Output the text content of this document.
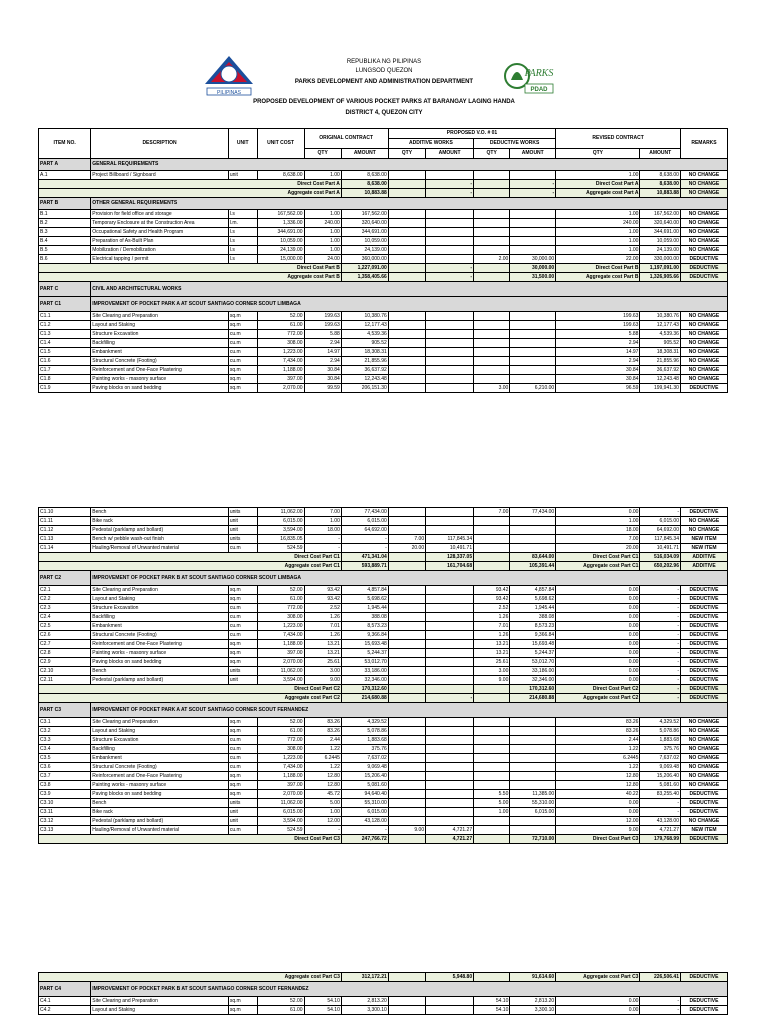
PILIPINAS
PARKS
PDAD
REPUBLIKA NG PILIPINAS
LUNGSOD QUEZON
PARKS DEVELOPMENT AND ADMINISTRATION DEPARTMENT
PROPOSED DEVELOPMENT OF VARIOUS POCKET PARKS AT BARANGAY LAGING HANDA
DISTRICT 4, QUEZON CITY
ITEM NO.	DESCRIPTION	UNIT	UNIT COST	ORIGINAL CONTRACT		PROPOSED V.O. # 01				REVISED CONTRACT		REMARKS
						ADDITIVE WORKS		DEDUCTIVE WORKS				
				QTY	AMOUNT	QTY	AMOUNT	QTY	AMOUNT	QTY	AMOUNT	
PART A	GENERAL REQUIREMENTS											
A.1	Project Billboard / Signboard	unit	8,638.00	1.00	8,638.00					1.00	8,638.00	NO CHANGE
Direct Cost Part A					8,638.00		-		-	Direct Cost Part A	8,638.00	NO CHANGE
Aggregate cost Part A					10,883.88		-		-	Aggregate cost Part A	10,883.88	NO CHANGE
PART B	OTHER GENERAL REQUIREMENTS											
B.1	Provision for field office and storage	l.s	167,562.00	1.00	167,562.00					1.00	167,562.00	NO CHANGE
B.2	Temporary Enclosure at the Construction Area	l.m.	1,336.00	240.00	320,640.00					240.00	320,640.00	NO CHANGE
B.3	Occupational Safety and Health Program	l.s	344,691.00	1.00	344,691.00					1.00	344,691.00	NO CHANGE
B.4	Preparation of As-Built Plan	l.s	10,059.00	1.00	10,059.00					1.00	10,059.00	NO CHANGE
B.5	Mobilization / Demobilization	l.s	24,139.00	1.00	24,139.00					1.00	24,139.00	NO CHANGE
B.6	Electrical tapping / permit	l.s	15,000.00	24.00	360,000.00			2.00	30,000.00	22.00	330,000.00	DEDUCTIVE
Direct Cost Part B					1,227,091.00		-		30,000.00	Direct Cost Part B	1,197,091.00	DEDUCTIVE
Aggregate cost Part B					1,358,405.66		-		31,500.00	Aggregate cost Part B	1,326,905.66	DEDUCTIVE
PART C	CIVIL AND ARCHITECTURAL WORKS											
PART C1	IMPROVEMENT OF POCKET PARK A AT SCOUT SANTIAGO CORNER SCOUT LIMBAGA											
C1.1	Site Clearing and Preparation	sq.m	52.00	199.63	10,380.76					199.63	10,380.76	NO CHANGE
C1.2	Layout and Staking	sq.m	61.00	199.63	12,177.43					199.63	12,177.43	NO CHANGE
C1.3	Structure Excavation	cu.m	772.00	5.88	4,539.36					5.88	4,539.36	NO CHANGE
C1.4	Backfilling	cu.m	308.00	2.94	905.52					2.94	905.52	NO CHANGE
C1.5	Embankment	cu.m	1,223.00	14.97	18,308.31					14.97	18,308.31	NO CHANGE
C1.6	Structural Concrete (Footing)	cu.m	7,434.00	2.94	21,855.96					2.94	21,855.96	NO CHANGE
C1.7	Reinforcement and One-Face Plastering	sq.m	1,188.00	30.84	36,637.92					30.84	36,637.92	NO CHANGE
C1.8	Painting works - masonry surface	sq.m	397.00	30.84	12,243.48					30.84	12,243.48	NO CHANGE
C1.9	Paving blocks on sand bedding	sq.m	2,070.00	99.59	206,151.30			3.00	6,210.00	96.59	199,941.30	DEDUCTIVE
C1.10	Bench	units	11,062.00	7.00	77,434.00			7.00	77,434.00	0.00	-	DEDUCTIVE
C1.11	Bike rack	unit	6,015.00	1.00	6,015.00					1.00	6,015.00	NO CHANGE
C1.12	Pedestal (parklamp and bollard)	unit	3,594.00	18.00	64,692.00					18.00	64,692.00	NO CHANGE
C1.13	Bench w/ pebble wash-out finish	units	16,835.05	-	-	7.00	117,845.34			7.00	117,845.34	NEW ITEM
C1.14	Hauling/Removal of Unwanted material	cu.m	524.59	-	-	20.00	10,491.71			20.00	10,491.71	NEW ITEM
Direct Cost Part C1					471,341.04		128,337.05		83,644.00	Direct Cost Part C1	516,034.09	ADDITIVE
Aggregate cost Part C1					593,889.71		161,704.68		105,391.44	Aggregate cost Part C1	650,202.96	ADDITIVE
PART C2	IMPROVEMENT OF POCKET PARK B AT SCOUT SANTIAGO CORNER SCOUT LIMBAGA											
C2.1	Site Clearing and Preparation	sq.m	52.00	93.42	4,857.84			93.42	4,857.84	0.00	-	DEDUCTIVE
C2.2	Layout and Staking	sq.m	61.00	93.42	5,698.62			93.42	5,698.62	0.00	-	DEDUCTIVE
C2.3	Structure Excavation	cu.m	772.00	2.52	1,945.44			2.52	1,945.44	0.00	-	DEDUCTIVE
C2.4	Backfilling	cu.m	308.00	1.26	388.08			1.26	388.08	0.00	-	DEDUCTIVE
C2.5	Embankment	cu.m	1,223.00	7.01	8,573.23			7.01	8,573.23	0.00	-	DEDUCTIVE
C2.6	Structural Concrete (Footing)	cu.m	7,434.00	1.26	9,366.84			1.26	9,366.84	0.00	-	DEDUCTIVE
C2.7	Reinforcement and One-Face Plastering	sq.m	1,188.00	13.21	15,693.48			13.21	15,693.48	0.00	-	DEDUCTIVE
C2.8	Painting works - masonry surface	sq.m	397.00	13.21	5,244.37			13.21	5,244.37	0.00	-	DEDUCTIVE
C2.9	Paving blocks on sand bedding	sq.m	2,070.00	25.61	53,012.70			25.61	53,012.70	0.00	-	DEDUCTIVE
C2.10	Bench	units	11,062.00	3.00	33,186.00			3.00	33,186.00	0.00	-	DEDUCTIVE
C2.11	Pedestal (parklamp and bollard)	unit	3,594.00	9.00	32,346.00			9.00	32,346.00	0.00	-	DEDUCTIVE
Direct Cost Part C2					170,312.60				170,312.60	Direct Cost Part C2	-	DEDUCTIVE
Aggregate cost Part C2					214,680.88		-		214,680.88	Aggregate cost Part C2	-	DEDUCTIVE
PART C3	IMPROVEMENT OF POCKET PARK A AT SCOUT SANTIAGO CORNER SCOUT FERNANDEZ											
C3.1	Site Clearing and Preparation	sq.m	52.00	83.26	4,329.52					83.26	4,329.52	NO CHANGE
C3.2	Layout and Staking	sq.m	61.00	83.26	5,078.86					83.26	5,078.86	NO CHANGE
C3.3	Structure Excavation	cu.m	772.00	2.44	1,883.68					2.44	1,883.68	NO CHANGE
C3.4	Backfilling	cu.m	308.00	1.22	375.76					1.22	375.76	NO CHANGE
C3.5	Embankment	cu.m	1,223.00	6.2445	7,637.02					6.2445	7,637.02	NO CHANGE
C3.6	Structural Concrete (Footing)	cu.m	7,434.00	1.22	9,069.48					1.22	9,069.48	NO CHANGE
C3.7	Reinforcement and One-Face Plastering	sq.m	1,188.00	12.80	15,206.40					12.80	15,206.40	NO CHANGE
C3.8	Painting works - masonry surface	sq.m	397.00	12.80	5,081.60					12.80	5,081.60	NO CHANGE
C3.9	Paving blocks on sand bedding	sq.m	2,070.00	45.72	94,640.40			5.50	11,385.00	40.22	83,255.40	DEDUCTIVE
C3.10	Bench	units	11,062.00	5.00	55,310.00			5.00	55,310.00	0.00	-	DEDUCTIVE
C3.11	Bike rack	unit	6,015.00	1.00	6,015.00			1.00	6,015.00	0.00	-	DEDUCTIVE
C3.12	Pedestal (parklamp and bollard)	unit	3,594.00	12.00	43,128.00					12.00	43,128.00	NO CHANGE
C3.13	Hauling/Removal of Unwanted material	cu.m	524.59	-	-	9.00	4,721.27			9.00	4,721.27	NEW ITEM
Direct Cost Part C3					247,766.72		4,721.27		72,710.00	Direct Cost Part C3	179,768.99	DEDUCTIVE
Aggregate cost Part C3					312,172.21		5,948.80		91,614.60	Aggregate cost Part C3	226,506.41	DEDUCTIVE
PART C4	IMPROVEMENT OF POCKET PARK B AT SCOUT SANTIAGO CORNER SCOUT FERNANDEZ											
C4.1	Site Clearing and Preparation	sq.m	52.00	54.10	2,813.20			54.10	2,813.20	0.00	-	DEDUCTIVE
C4.2	Layout and Staking	sq.m	61.00	54.10	3,300.10			54.10	3,300.10	0.00	-	DEDUCTIVE
